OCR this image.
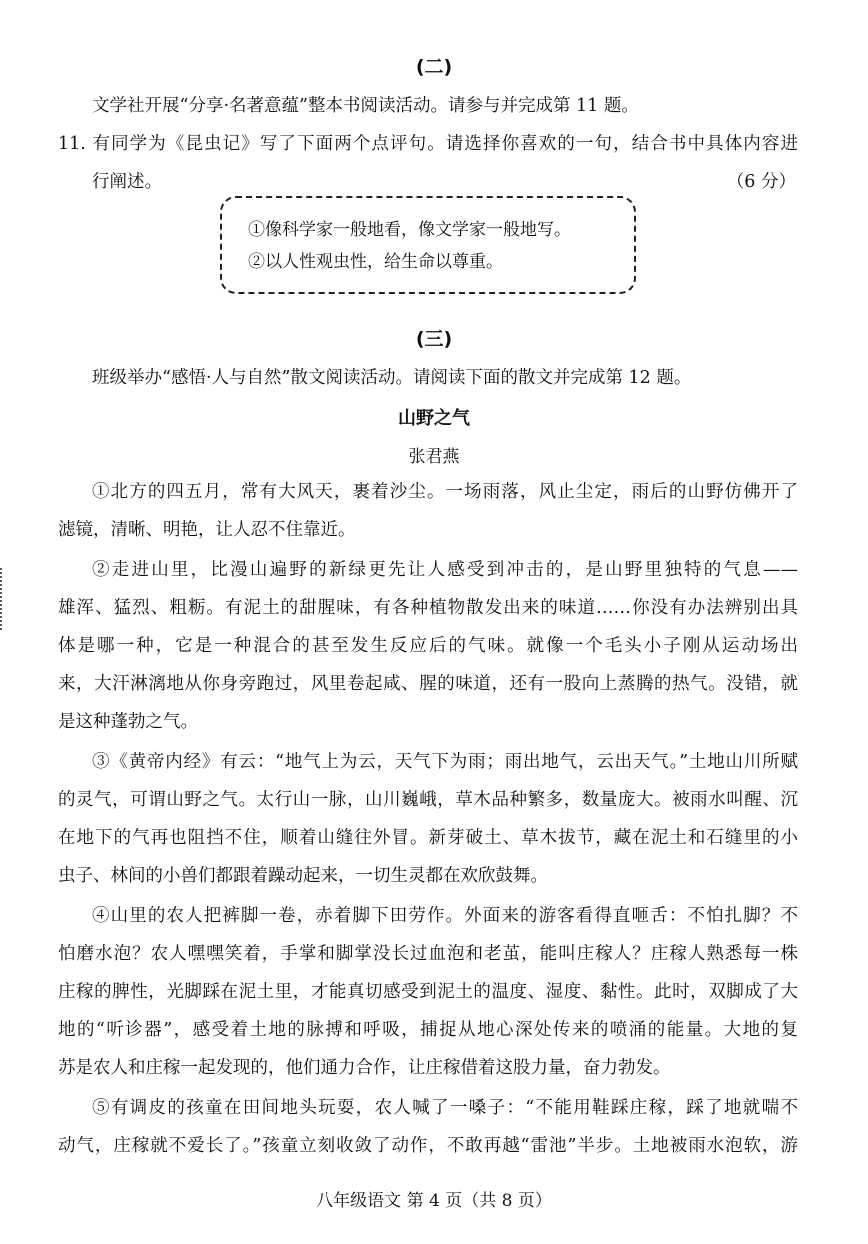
(二)
文学社开展“分享·名著意蕴”整本书阅读活动。请参与并完成第 11 题。
11. 有同学为《昆虫记》写了下面两个点评句。请选择你喜欢的一句，结合书中具体内容进
行阐述。	（6 分）
①像科学家一般地看，像文学家一般地写。
②以人性观虫性，给生命以尊重。
(三)
班级举办“感悟·人与自然”散文阅读活动。请阅读下面的散文并完成第 12 题。
山野之气
张君燕
①北方的四五月，常有大风天，裹着沙尘。一场雨落，风止尘定，雨后的山野仿佛开了
滤镜，清晰、明艳，让人忍不住靠近。
②走进山里，比漫山遍野的新绿更先让人感受到冲击的，是山野里独特的气息——
雄浑、猛烈、粗粝。有泥土的甜腥味，有各种植物散发出来的味道……你没有办法辨别出具
体是哪一种，它是一种混合的甚至发生反应后的气味。就像一个毛头小子刚从运动场出
来，大汗淋漓地从你身旁跑过，风里卷起咸、腥的味道，还有一股向上蒸腾的热气。没错，就
是这种蓬勃之气。
③《黄帝内经》有云：“地气上为云，天气下为雨；雨出地气，云出天气。”土地山川所赋
的灵气，可谓山野之气。太行山一脉，山川巍峨，草木品种繁多，数量庞大。被雨水叫醒、沉
在地下的气再也阻挡不住，顺着山缝往外冒。新芽破土、草木拔节，藏在泥土和石缝里的小
虫子、林间的小兽们都跟着躁动起来，一切生灵都在欢欣鼓舞。
④山里的农人把裤脚一卷，赤着脚下田劳作。外面来的游客看得直咂舌：不怕扎脚？不
怕磨水泡？农人嘿嘿笑着，手掌和脚掌没长过血泡和老茧，能叫庄稼人？庄稼人熟悉每一株
庄稼的脾性，光脚踩在泥土里，才能真切感受到泥土的温度、湿度、黏性。此时，双脚成了大
地的“听诊器”，感受着土地的脉搏和呼吸，捕捉从地心深处传来的喷涌的能量。大地的复
苏是农人和庄稼一起发现的，他们通力合作，让庄稼借着这股力量，奋力勃发。
⑤有调皮的孩童在田间地头玩耍，农人喊了一嗓子：“不能用鞋踩庄稼，踩了地就喘不
动气，庄稼就不爱长了。”孩童立刻收敛了动作，不敢再越“雷池”半步。土地被雨水泡软，游
八年级语文 第 4 页（共 8 页）
